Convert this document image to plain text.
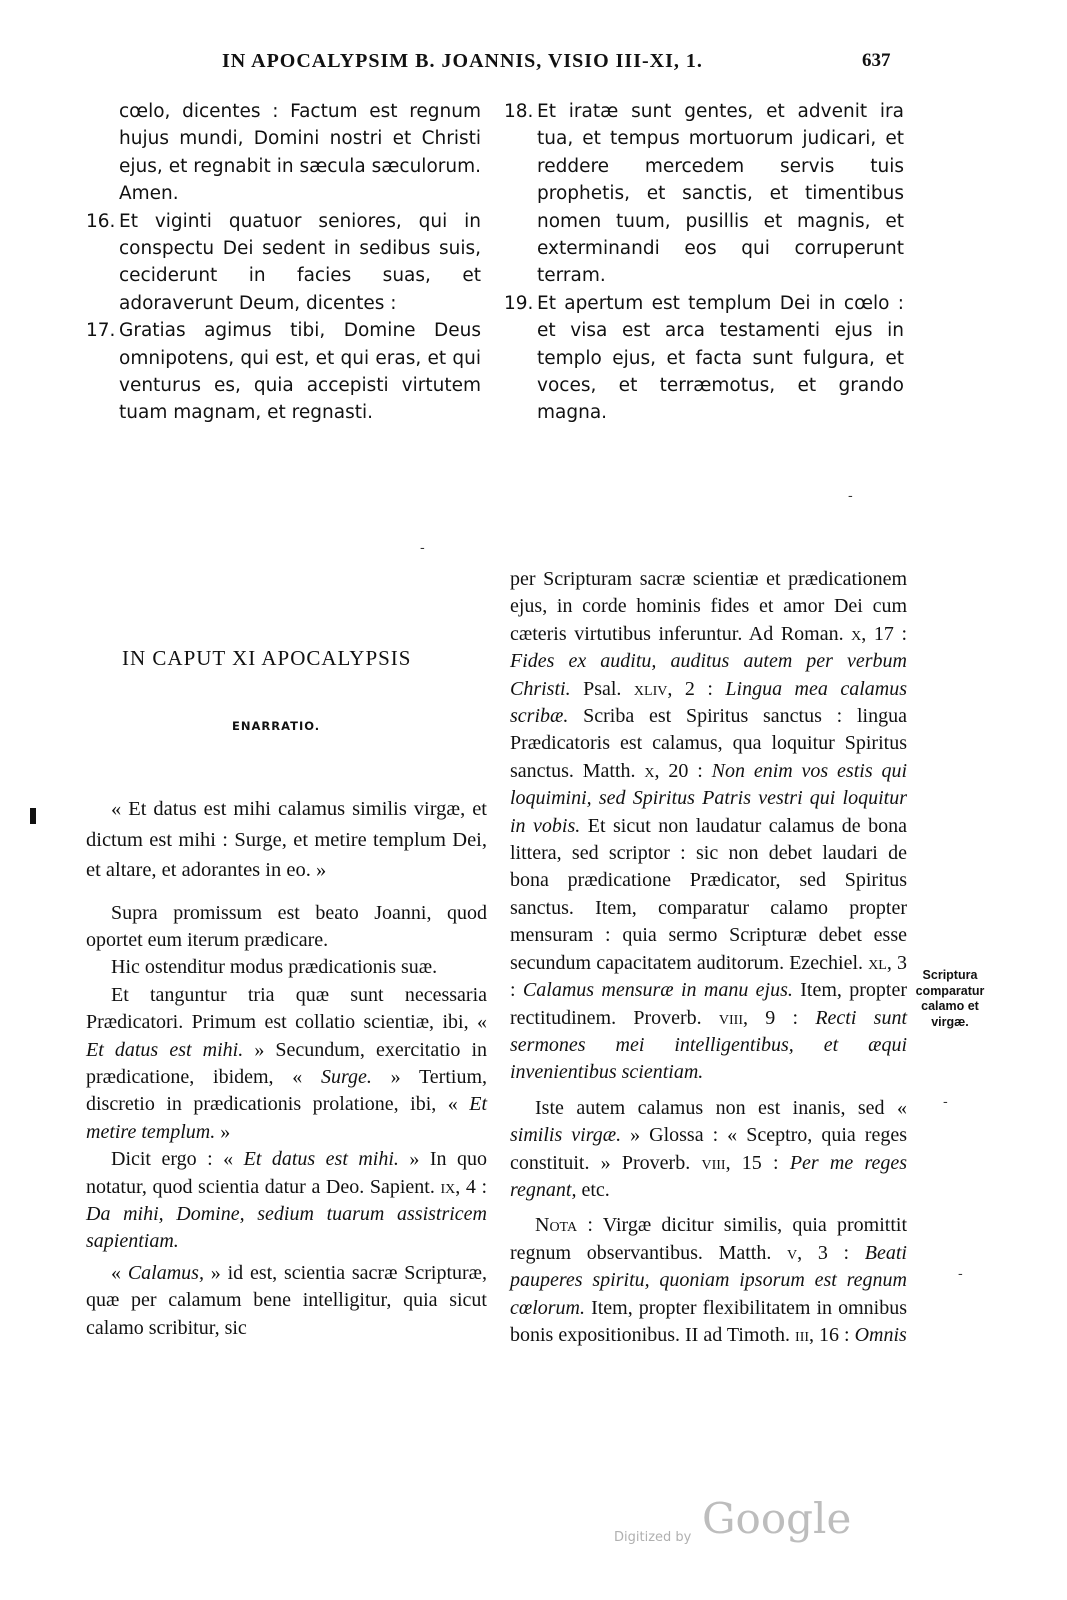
IN APOCALYPSIM B. JOANNIS, VISIO III-XI, 1.	637
cœlo, dicentes : Factum est regnum hujus mundi, Domini nostri et Christi ejus, et regnabit in sæcula sæculorum. Amen.
16. Et viginti quatuor seniores, qui in conspectu Dei sedent in sedibus suis, ceciderunt in facies suas, et adoraverunt Deum, dicentes :
17. Gratias agimus tibi, Domine Deus omnipotens, qui est, et qui eras, et qui venturus es, quia accepisti virtutem tuam magnam, et regnasti.
18. Et iratæ sunt gentes, et advenit ira tua, et tempus mortuorum judicari, et reddere mercedem servis tuis prophetis, et sanctis, et timentibus nomen tuum, pusillis et magnis, et exterminandi eos qui corruperunt terram.
19. Et apertum est templum Dei in cœlo : et visa est arca testamenti ejus in templo ejus, et facta sunt fulgura, et voces, et terræmotus, et grando magna.
-
-
IN CAPUT XI APOCALYPSIS
ENARRATIO.

« Et datus est mihi calamus similis virgæ, et dictum est mihi : Surge, et metire templum Dei, et altare, et adorantes in eo. »

Supra promissum est beato Joanni, quod oportet eum iterum prædicare.

Hic ostenditur modus prædicationis suæ.

Et tanguntur tria quæ sunt necessaria Prædicatori. Primum est collatio scientiæ, ibi, « Et datus est mihi. » Secundum, exercitatio in prædicatione, ibidem, « Surge. » Tertium, discretio in prædicationis prolatione, ibi, « Et metire templum. »

Dicit ergo : « Et datus est mihi. » In quo notatur, quod scientia datur a Deo. Sapient. ix, 4 : Da mihi, Domine, sedium tuarum assistricem sapientiam.

« Calamus, » id est, scientia sacræ Scripturæ, quæ per calamum bene intelligitur, quia sicut calamo scribitur, sic

per Scripturam sacræ scientiæ et prædicationem ejus, in corde hominis fides et amor Dei cum cæteris virtutibus inferuntur. Ad Roman. x, 17 : Fides ex auditu, auditus autem per verbum Christi. Psal. xliv, 2 : Lingua mea calamus scribæ. Scriba est Spiritus sanctus : lingua Prædicatoris est calamus, qua loquitur Spiritus sanctus. Matth. x, 20 : Non enim vos estis qui loquimini, sed Spiritus Patris vestri qui loquitur in vobis. Et sicut non laudatur calamus de bona littera, sed scriptor : sic non debet laudari de bona prædicatione Prædicator, sed Spiritus sanctus. Item, comparatur calamo propter mensuram : quia sermo Scripturæ debet esse secundum capacitatem auditorum. Ezechiel. xl, 3 : Calamus mensuræ in manu ejus. Item, propter rectitudinem. Proverb. viii, 9 : Recti sunt sermones mei intelligentibus, et æqui invenientibus scientiam.

Iste autem calamus non est inanis, sed « similis virgæ. » Glossa : « Sceptro, quia reges constituit. » Proverb. viii, 15 : Per me reges regnant, etc.

Nota : Virgæ dicitur similis, quia promittit regnum observantibus. Matth. v, 3 : Beati pauperes spiritu, quoniam ipsorum est regnum cœlorum. Item, propter flexibilitatem in omnibus bonis expositionibus. II ad Timoth. iii, 16 : Omnis

-
-
Scriptura comparatur calamo et virgæ.
Digitized by Google
